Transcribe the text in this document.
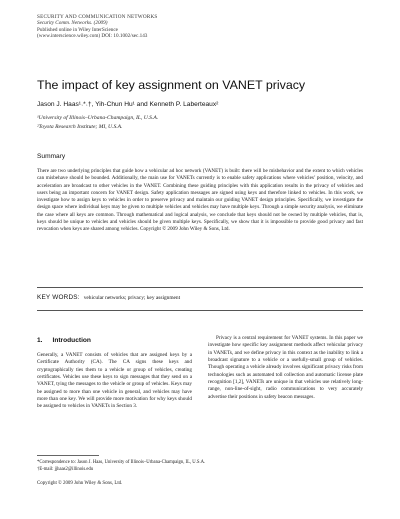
SECURITY AND COMMUNICATION NETWORKS
Security Comm. Networks. (2009)
Published online in Wiley InterScience
(www.interscience.wiley.com) DOI: 10.1002/sec.143
The impact of key assignment on VANET privacy
Jason J. Haas¹˒*˒†, Yih-Chun Hu¹ and Kenneth P. Laberteaux²
¹University of Illinois–Urbana-Champaign, IL, U.S.A.
²Toyota Research Institute; MI, U.S.A.
Summary

There are two underlying principles that guide how a vehicular ad hoc network (VANET) is built: there will be misbehavior and the extent to which vehicles can misbehave should be bounded. Additionally, the main use for VANETs currently is to enable safety applications where vehicles’ position, velocity, and acceleration are broadcast to other vehicles in the VANET. Combining these guiding principles with this application results in the privacy of vehicles and users being an important concern for VANET design. Safety application messages are signed using keys and therefore linked to vehicles. In this work, we investigate how to assign keys to vehicles in order to preserve privacy and maintain our guiding VANET design principles. Specifically, we investigate the design space where individual keys may be given to multiple vehicles and vehicles may have multiple keys. Through a simple security analysis, we eliminate the case where all keys are common. Through mathematical and logical analysis, we conclude that keys should not be owned by multiple vehicles, that is, keys should be unique to vehicles and vehicles should be given multiple keys. Specifically, we show that it is impossible to provide good privacy and fast revocation when keys are shared among vehicles. Copyright © 2009 John Wiley & Sons, Ltd.

KEY WORDS: vehicular networks; privacy; key assignment
1. Introduction

Generally, a VANET consists of vehicles that are assigned keys by a Certificate Authority (CA). The CA signs these keys and cryptographically ties them to a vehicle or group of vehicles, creating certificates. Vehicles use these keys to sign messages that they send on a VANET, tying the messages to the vehicle or group of vehicles. Keys may be assigned to more than one vehicle in general, and vehicles may have more than one key. We will provide more motivation for why keys should be assigned to vehicles in VANETs in Section 3.

Privacy is a central requirement for VANET systems. In this paper we investigate how specific key assignment methods affect vehicular privacy in VANETs, and we define privacy in this context as the inability to link a broadcast signature to a vehicle or a usefully-small group of vehicles. Though operating a vehicle already involves significant privacy risks from technologies such as automated toll collection and automatic license plate recognition [1,2], VANETs are unique in that vehicles use relatively long-range, non-line-of-sight, radio communications to very accurately advertise their positions in safety beacon messages.

*Correspondence to: Jason J. Haas, University of Illinois–Urbana-Champaign, IL, U.S.A.
†E-mail: jjhaas2@illinois.edu
Copyright © 2009 John Wiley & Sons, Ltd.
